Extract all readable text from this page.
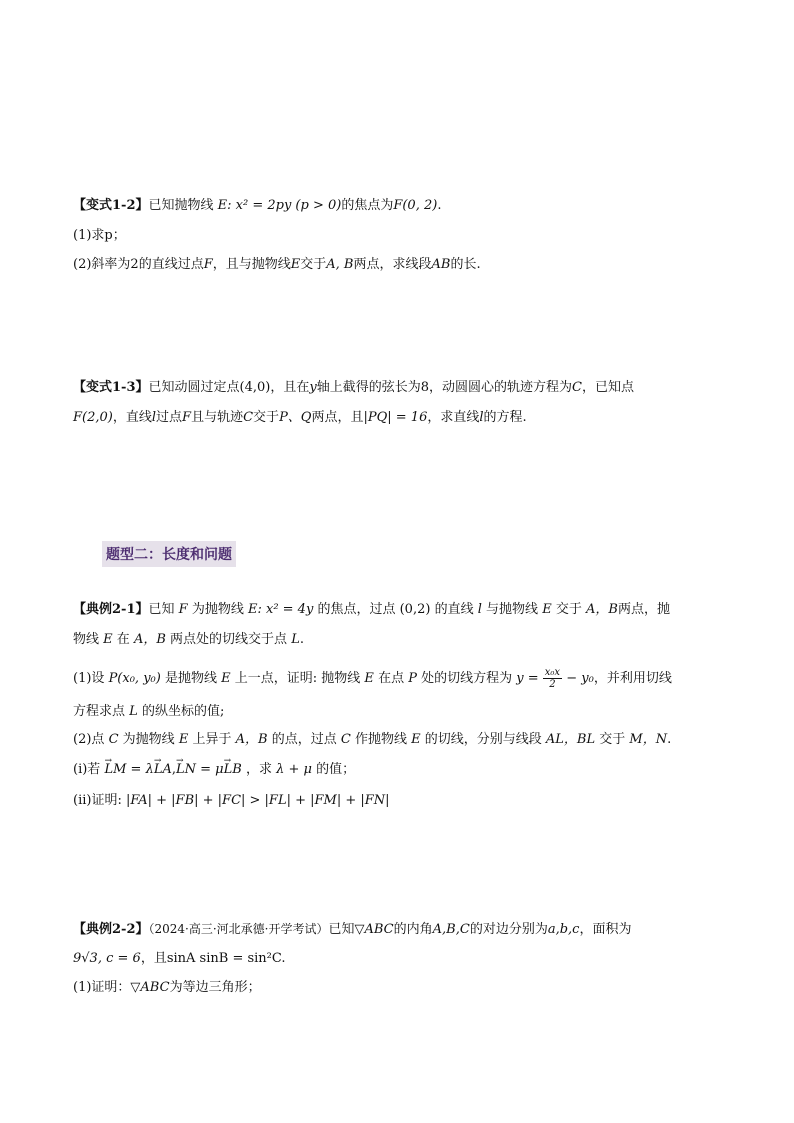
【变式1-2】已知抛物线 E: x² = 2py (p > 0)的焦点为F(0, 2).
(1)求p；
(2)斜率为2的直线过点F，且与抛物线E交于A, B两点，求线段AB的长.
【变式1-3】已知动圆过定点(4,0)，且在y轴上截得的弦长为8，动圆圆心的轨迹方程为C，已知点
F(2,0)，直线l过点F且与轨迹C交于P、Q两点，且|PQ| = 16，求直线l的方程.
题型二：长度和问题
【典例2-1】已知 F 为抛物线 E: x² = 4y 的焦点，过点 (0,2) 的直线 l 与抛物线 E 交于 A，B两点，抛
物线 E 在 A，B 两点处的切线交于点 L.
(1)设 P(x₀, y₀) 是抛物线 E 上一点，证明: 抛物线 E 在点 P 处的切线方程为 $y = \frac{\text{x₀x}}{2} - y_0$，并利用切线
方程求点 L 的纵坐标的值;
(2)点 C 为抛物线 E 上异于 A，B 的点，过点 C 作抛物线 E 的切线，分别与线段 AL，BL 交于 M，N.
(i)若 → LM = λ→ LA,→ LN = μ→ LB ，求 λ + μ 的值；
(ii)证明: |FA| + |FB| + |FC| > |FL| + |FM| + |FN|
【典例2-2】（2024·高三·河北承德·开学考试）已知▽ABC的内角A,B,C的对边分别为a,b,c，面积为
9√3, c = 6，且sinA sinB = sin²C.
(1)证明：▽ABC为等边三角形；
